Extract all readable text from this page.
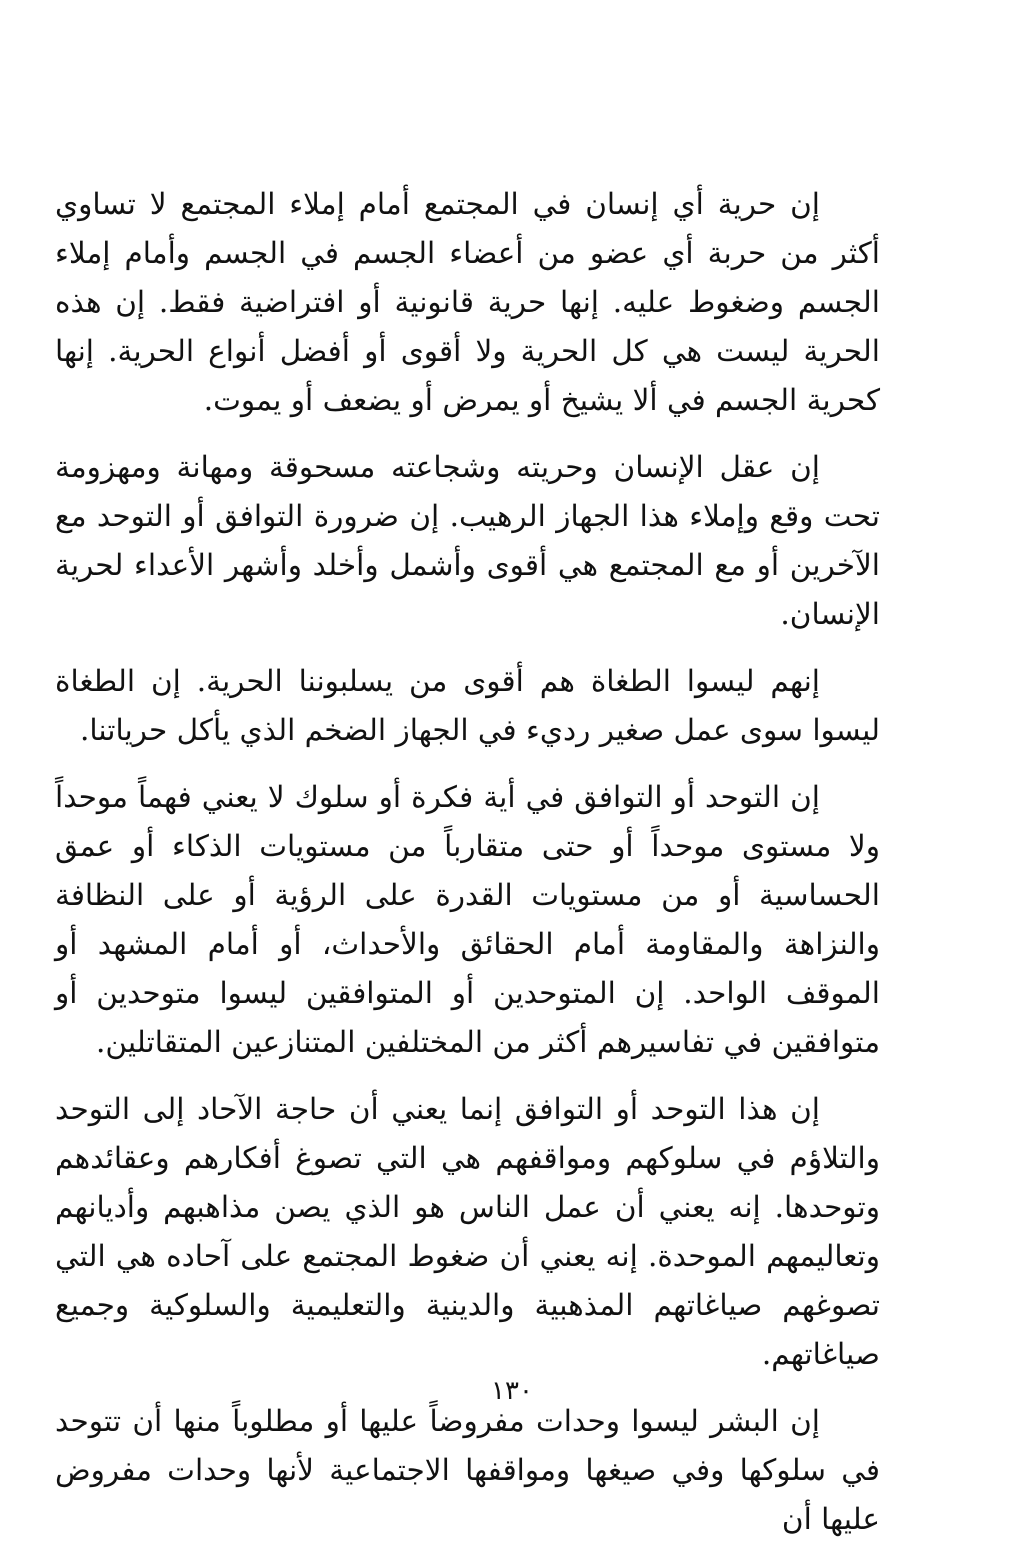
إن حرية أي إنسان في المجتمع أمام إملاء المجتمع لا تساوي أكثر من حربة أي عضو من أعضاء الجسم في الجسم وأمام إملاء الجسم وضغوط عليه. إنها حرية قانونية أو افتراضية فقط. إن هذه الحرية ليست هي كل الحرية ولا أقوى أو أفضل أنواع الحرية. إنها كحرية الجسم في ألا يشيخ أو يمرض أو يضعف أو يموت.

إن عقل الإنسان وحريته وشجاعته مسحوقة ومهانة ومهزومة تحت وقع وإملاء هذا الجهاز الرهيب. إن ضرورة التوافق أو التوحد مع الآخرين أو مع المجتمع هي أقوى وأشمل وأخلد وأشهر الأعداء لحرية الإنسان.

إنهم ليسوا الطغاة هم أقوى من يسلبوننا الحرية. إن الطغاة ليسوا سوى عمل صغير رديء في الجهاز الضخم الذي يأكل حرياتنا.

إن التوحد أو التوافق في أية فكرة أو سلوك لا يعني فهماً موحداً ولا مستوى موحداً أو حتى متقارباً من مستويات الذكاء أو عمق الحساسية أو من مستويات القدرة على الرؤية أو على النظافة والنزاهة والمقاومة أمام الحقائق والأحداث، أو أمام المشهد أو الموقف الواحد. إن المتوحدين أو المتوافقين ليسوا متوحدين أو متوافقين في تفاسيرهم أكثر من المختلفين المتنازعين المتقاتلين.

إن هذا التوحد أو التوافق إنما يعني أن حاجة الآحاد إلى التوحد والتلاؤم في سلوكهم ومواقفهم هي التي تصوغ أفكارهم وعقائدهم وتوحدها. إنه يعني أن عمل الناس هو الذي يصن مذاهبهم وأديانهم وتعاليمهم الموحدة. إنه يعني أن ضغوط المجتمع على آحاده هي التي تصوغهم صياغاتهم المذهبية والدينية والتعليمية والسلوكية وجميع صياغاتهم.

إن البشر ليسوا وحدات مفروضاً عليها أو مطلوباً منها أن تتوحد في سلوكها وفي صيغها ومواقفها الاجتماعية لأنها وحدات مفروض عليها أن

١٣٠
